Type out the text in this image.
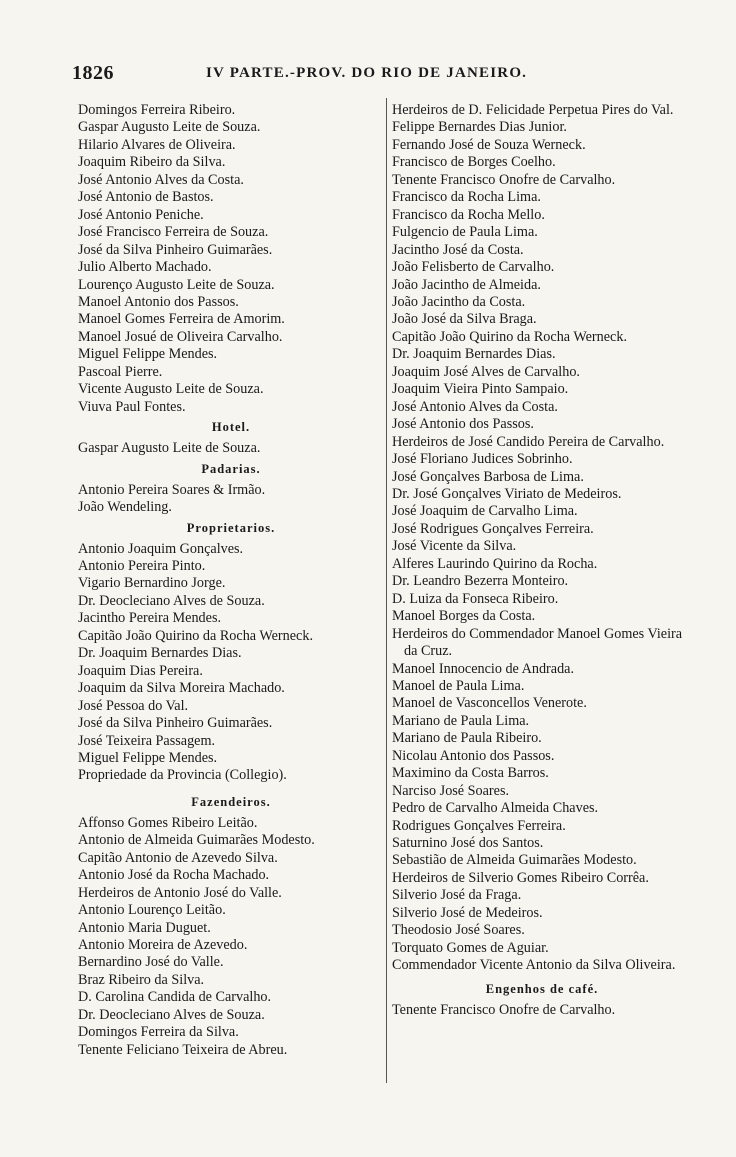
1826	IV PARTE.-PROV. DO RIO DE JANEIRO.
Domingos Ferreira Ribeiro.
Gaspar Augusto Leite de Souza.
Hilario Alvares de Oliveira.
Joaquim Ribeiro da Silva.
José Antonio Alves da Costa.
José Antonio de Bastos.
José Antonio Peniche.
José Francisco Ferreira de Souza.
José da Silva Pinheiro Guimarães.
Julio Alberto Machado.
Lourenço Augusto Leite de Souza.
Manoel Antonio dos Passos.
Manoel Gomes Ferreira de Amorim.
Manoel Josué de Oliveira Carvalho.
Miguel Felippe Mendes.
Pascoal Pierre.
Vicente Augusto Leite de Souza.
Viuva Paul Fontes.
Hotel.
Gaspar Augusto Leite de Souza.
Padarias.
Antonio Pereira Soares & Irmão.
João Wendeling.
Proprietarios.
Antonio Joaquim Gonçalves.
Antonio Pereira Pinto.
Vigario Bernardino Jorge.
Dr. Deocleciano Alves de Souza.
Jacintho Pereira Mendes.
Capitão João Quirino da Rocha Werneck.
Dr. Joaquim Bernardes Dias.
Joaquim Dias Pereira.
Joaquim da Silva Moreira Machado.
José Pessoa do Val.
José da Silva Pinheiro Guimarães.
José Teixeira Passagem.
Miguel Felippe Mendes.
Propriedade da Provincia (Collegio).
Fazendeiros.
Affonso Gomes Ribeiro Leitão.
Antonio de Almeida Guimarães Modesto.
Capitão Antonio de Azevedo Silva.
Antonio José da Rocha Machado.
Herdeiros de Antonio José do Valle.
Antonio Lourenço Leitão.
Antonio Maria Duguet.
Antonio Moreira de Azevedo.
Bernardino José do Valle.
Braz Ribeiro da Silva.
D. Carolina Candida de Carvalho.
Dr. Deocleciano Alves de Souza.
Domingos Ferreira da Silva.
Tenente Feliciano Teixeira de Abreu.
Herdeiros de D. Felicidade Perpetua Pires do Val.
Felippe Bernardes Dias Junior.
Fernando José de Souza Werneck.
Francisco de Borges Coelho.
Tenente Francisco Onofre de Carvalho.
Francisco da Rocha Lima.
Francisco da Rocha Mello.
Fulgencio de Paula Lima.
Jacintho José da Costa.
João Felisberto de Carvalho.
João Jacintho de Almeida.
João Jacintho da Costa.
João José da Silva Braga.
Capitão João Quirino da Rocha Werneck.
Dr. Joaquim Bernardes Dias.
Joaquim José Alves de Carvalho.
Joaquim Vieira Pinto Sampaio.
José Antonio Alves da Costa.
José Antonio dos Passos.
Herdeiros de José Candido Pereira de Carvalho.
José Floriano Judices Sobrinho.
José Gonçalves Barbosa de Lima.
Dr. José Gonçalves Viriato de Medeiros.
José Joaquim de Carvalho Lima.
José Rodrigues Gonçalves Ferreira.
José Vicente da Silva.
Alferes Laurindo Quirino da Rocha.
Dr. Leandro Bezerra Monteiro.
D. Luiza da Fonseca Ribeiro.
Manoel Borges da Costa.
Herdeiros do Commendador Manoel Gomes Vieira da Cruz.
Manoel Innocencio de Andrada.
Manoel de Paula Lima.
Manoel de Vasconcellos Venerote.
Mariano de Paula Lima.
Mariano de Paula Ribeiro.
Nicolau Antonio dos Passos.
Maximino da Costa Barros.
Narciso José Soares.
Pedro de Carvalho Almeida Chaves.
Rodrigues Gonçalves Ferreira.
Saturnino José dos Santos.
Sebastião de Almeida Guimarães Modesto.
Herdeiros de Silverio Gomes Ribeiro Corrêa.
Silverio José da Fraga.
Silverio José de Medeiros.
Theodosio José Soares.
Torquato Gomes de Aguiar.
Commendador Vicente Antonio da Silva Oliveira.
Engenhos de café.
Tenente Francisco Onofre de Carvalho.
